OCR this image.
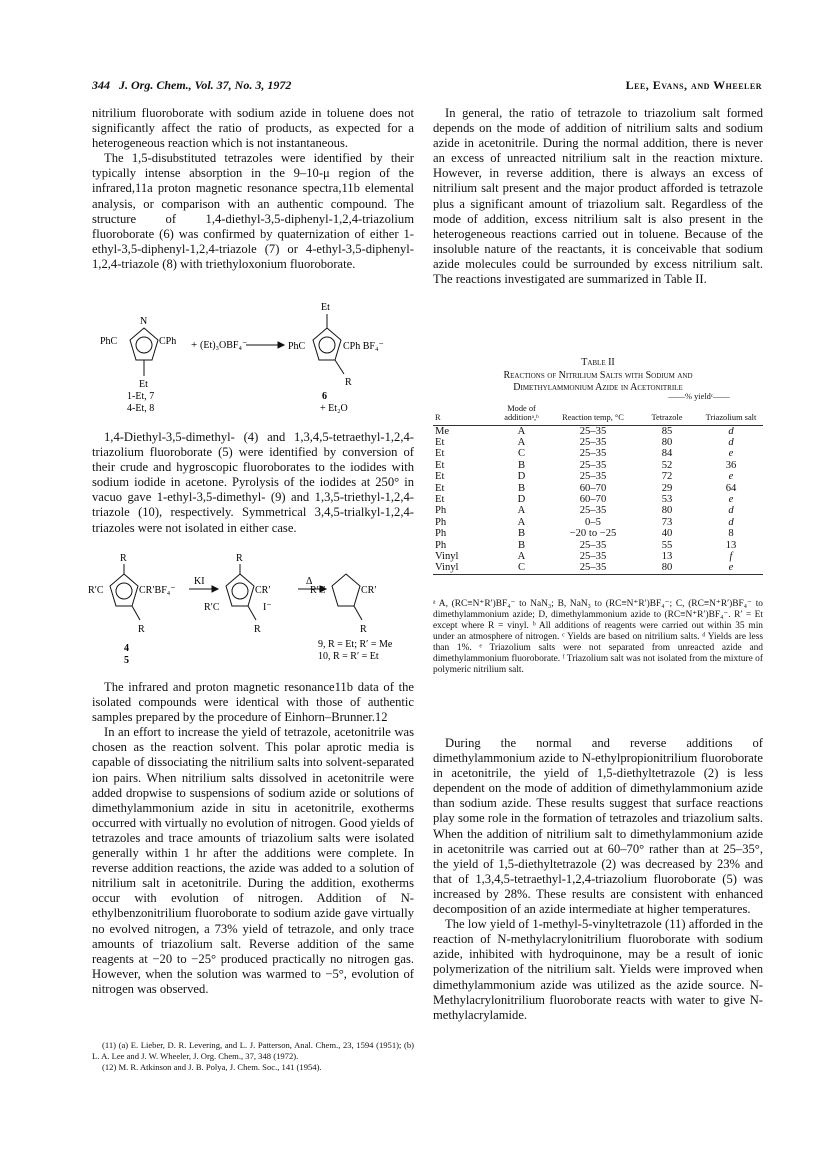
344 J. Org. Chem., Vol. 37, No. 3, 1972	Lee, Evans, and Wheeler

nitrilium fluoroborate with sodium azide in toluene does not significantly affect the ratio of products, as expected for a heterogeneous reaction which is not instantaneous.

The 1,5-disubstituted tetrazoles were identified by their typically intense absorption in the 9–10-μ region of the infrared,11a proton magnetic resonance spectra,11b elemental analysis, or comparison with an authentic compound. The structure of 1,4-diethyl-3,5-diphenyl-1,2,4-triazolium fluoroborate (6) was confirmed by quaternization of either 1-ethyl-3,5-diphenyl-1,2,4-triazole (7) or 4-ethyl-3,5-diphenyl-1,2,4-triazole (8) with triethyloxonium fluoroborate.

N
PhC	CPh + (Et)₃OBF₄⁻
Et
1-Et, 7
4-Et, 8
Et
PhC	CPh BF₄⁻
R
6
+ Et₂O

1,4-Diethyl-3,5-dimethyl- (4) and 1,3,4,5-tetraethyl-1,2,4-triazolium fluoroborate (5) were identified by conversion of their crude and hygroscopic fluoroborates to the iodides with sodium iodide in acetone. Pyrolysis of the iodides at 250° in vacuo gave 1-ethyl-3,5-dimethyl- (9) and 1,3,5-triethyl-1,2,4-triazole (10), respectively. Symmetrical 3,4,5-trialkyl-1,2,4-triazoles were not isolated in either case.

R	R
R′C	CR′BF₄⁻
KI
R′C
CR′
I⁻
Δ
R′C	CR′
R	R	R
4
5
9, R = Et; R′ = Me
10, R = R′ = Et

The infrared and proton magnetic resonance11b data of the isolated compounds were identical with those of authentic samples prepared by the procedure of Einhorn–Brunner.12

In an effort to increase the yield of tetrazole, acetonitrile was chosen as the reaction solvent. This polar aprotic media is capable of dissociating the nitrilium salts into solvent-separated ion pairs. When nitrilium salts dissolved in acetonitrile were added dropwise to suspensions of sodium azide or solutions of dimethylammonium azide in situ in acetonitrile, exotherms occurred with virtually no evolution of nitrogen. Good yields of tetrazoles and trace amounts of triazolium salts were isolated generally within 1 hr after the additions were complete. In reverse addition reactions, the azide was added to a solution of nitrilium salt in acetonitrile. During the addition, exotherms occur with evolution of nitrogen. Addition of N-ethylbenzonitrilium fluoroborate to sodium azide gave virtually no evolved nitrogen, a 73% yield of tetrazole, and only trace amounts of triazolium salt. Reverse addition of the same reagents at −20 to −25° produced practically no nitrogen gas. However, when the solution was warmed to −5°, evolution of nitrogen was observed.

(11) (a) E. Lieber, D. R. Levering, and L. J. Patterson, Anal. Chem., 23, 1594 (1951); (b) L. A. Lee and J. W. Wheeler, J. Org. Chem., 37, 348 (1972).

(12) M. R. Atkinson and J. B. Polya, J. Chem. Soc., 141 (1954).

In general, the ratio of tetrazole to triazolium salt formed depends on the mode of addition of nitrilium salts and sodium azide in acetonitrile. During the normal addition, there is never an excess of unreacted nitrilium salt in the reaction mixture. However, in reverse addition, there is always an excess of nitrilium salt present and the major product afforded is tetrazole plus a significant amount of triazolium salt. Regardless of the mode of addition, excess nitrilium salt is also present in the heterogeneous reactions carried out in toluene. Because of the insoluble nature of the reactants, it is conceivable that sodium azide molecules could be surrounded by excess nitrilium salt. The reactions investigated are summarized in Table II.

Table II
Reactions of Nitrilium Salts with Sodium and
Dimethylammonium Azide in Acetonitrile
			——% yieldᶜ——	
R	Mode of additionᵃ,ᵇ	Reaction temp, °C	Tetrazole	Triazolium salt
Me	A	25–35	85	d
Et	A	25–35	80	d
Et	C	25–35	84	e
Et	B	25–35	52	36
Et	D	25–35	72	e
Et	B	60–70	29	64
Et	D	60–70	53	e
Ph	A	25–35	80	d
Ph	A	0–5	73	d
Ph	B	−20 to −25	40	8
Ph	B	25–35	55	13
Vinyl	A	25–35	13	f
Vinyl	C	25–35	80	e
ᵃ A, (RC≡N⁺R′)BF₄⁻ to NaN₃; B, NaN₃ to (RC≡N⁺R′)BF₄⁻; C, (RC≡N⁺R′)BF₄⁻ to dimethylammonium azide; D, dimethylammonium azide to (RC≡N⁺R′)BF₄⁻. R′ = Et except where R = vinyl. ᵇ All additions of reagents were carried out within 35 min under an atmosphere of nitrogen. ᶜ Yields are based on nitrilium salts. ᵈ Yields are less than 1%. ᵉ Triazolium salts were not separated from unreacted azide and dimethylammonium fluoroborate. ᶠ Triazolium salt was not isolated from the mixture of polymeric nitrilium salt.

During the normal and reverse additions of dimethylammonium azide to N-ethylpropionitrilium fluoroborate in acetonitrile, the yield of 1,5-diethyltetrazole (2) is less dependent on the mode of addition of dimethylammonium azide than sodium azide. These results suggest that surface reactions play some role in the formation of tetrazoles and triazolium salts. When the addition of nitrilium salt to dimethylammonium azide in acetonitrile was carried out at 60–70° rather than at 25–35°, the yield of 1,5-diethyltetrazole (2) was decreased by 23% and that of 1,3,4,5-tetraethyl-1,2,4-triazolium fluoroborate (5) was increased by 28%. These results are consistent with enhanced decomposition of an azide intermediate at higher temperatures.

The low yield of 1-methyl-5-vinyltetrazole (11) afforded in the reaction of N-methylacrylonitrilium fluoroborate with sodium azide, inhibited with hydroquinone, may be a result of ionic polymerization of the nitrilium salt. Yields were improved when dimethylammonium azide was utilized as the azide source. N-Methylacrylonitrilium fluoroborate reacts with water to give N-methylacrylamide.
